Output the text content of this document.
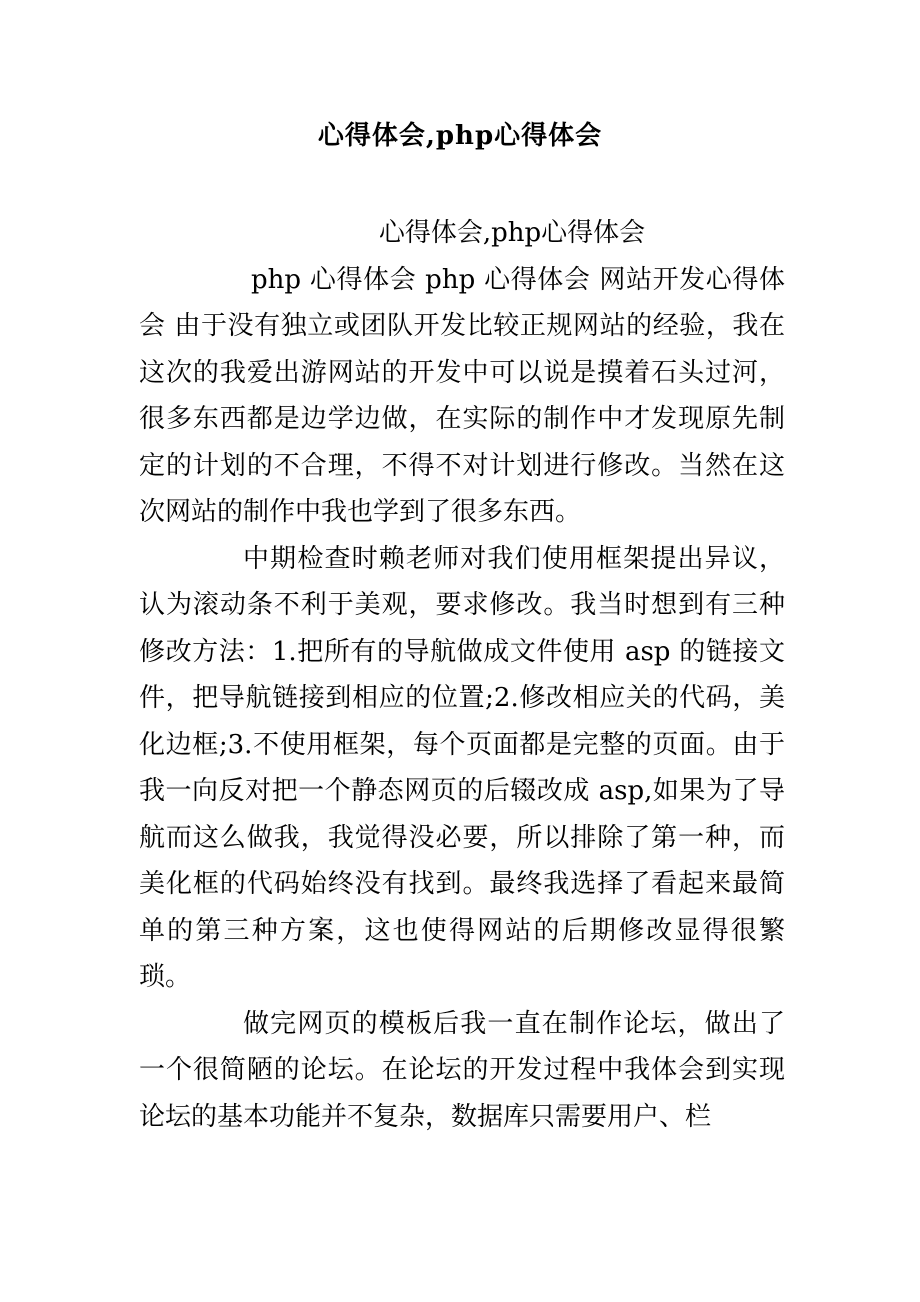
心得体会,php心得体会

心得体会,php心得体会

php 心得体会 php 心得体会 网站开发心得体会 由于没有独立或团队开发比较正规网站的经验，我在这次的我爱出游网站的开发中可以说是摸着石头过河，很多东西都是边学边做，在实际的制作中才发现原先制定的计划的不合理，不得不对计划进行修改。当然在这次网站的制作中我也学到了很多东西。

中期检查时赖老师对我们使用框架提出异议，认为滚动条不利于美观，要求修改。我当时想到有三种修改方法：1.把所有的导航做成文件使用 asp 的链接文件，把导航链接到相应的位置;2.修改相应关的代码，美化边框;3.不使用框架，每个页面都是完整的页面。由于我一向反对把一个静态网页的后辍改成 asp,如果为了导航而这么做我，我觉得没必要，所以排除了第一种，而美化框的代码始终没有找到。最终我选择了看起来最简单的第三种方案，这也使得网站的后期修改显得很繁琐。

做完网页的模板后我一直在制作论坛，做出了一个很简陋的论坛。在论坛的开发过程中我体会到实现论坛的基本功能并不复杂，数据库只需要用户、栏
